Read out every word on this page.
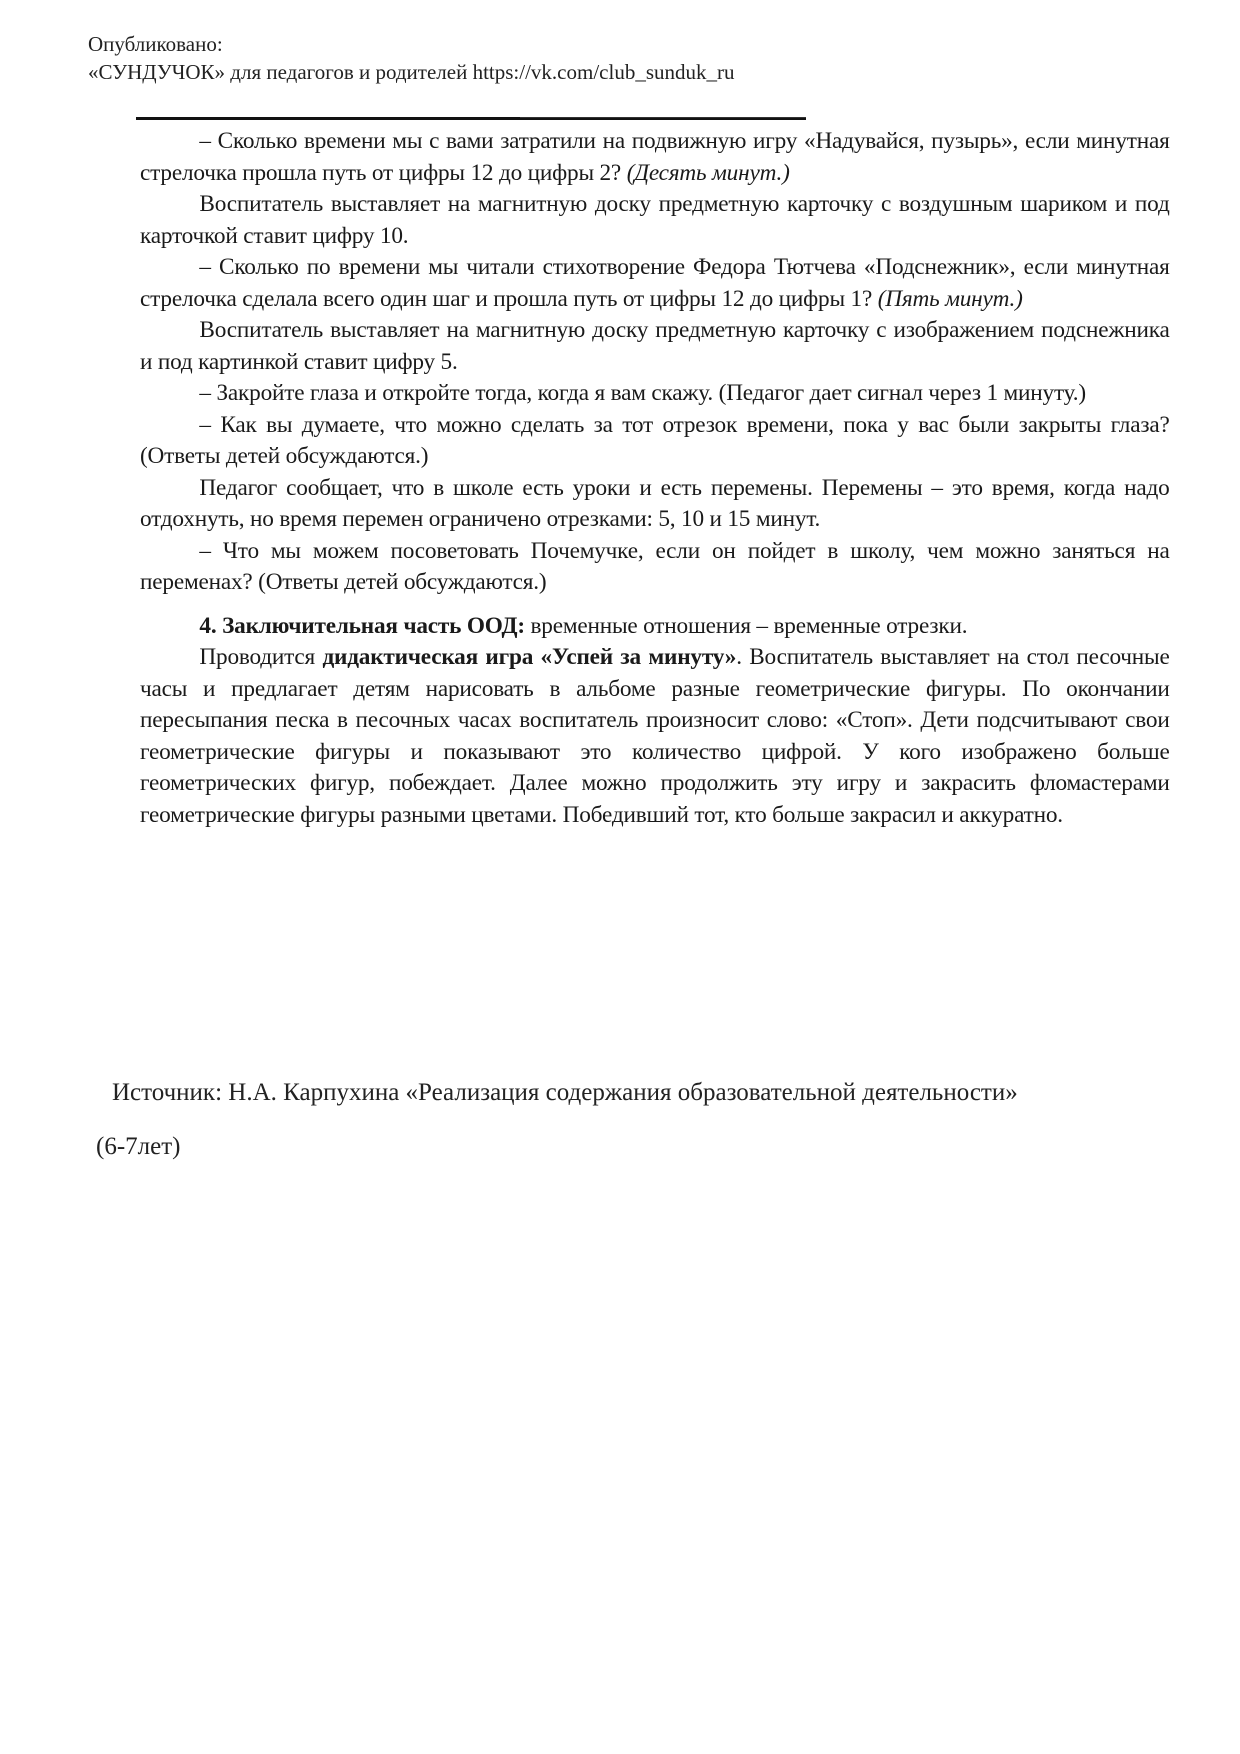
Опубликовано:
«СУНДУЧОК» для педагогов и родителей https://vk.com/club_sunduk_ru

– Сколько времени мы с вами затратили на подвижную игру «Надувайся, пузырь», если минутная стрелочка прошла путь от цифры 12 до цифры 2? (Десять минут.)

Воспитатель выставляет на магнитную доску предметную карточку с воздушным шариком и под карточкой ставит цифру 10.

– Сколько по времени мы читали стихотворение Федора Тютчева «Подснежник», если минутная стрелочка сделала всего один шаг и прошла путь от цифры 12 до цифры 1? (Пять минут.)

Воспитатель выставляет на магнитную доску предметную карточку с изображением подснежника и под картинкой ставит цифру 5.

– Закройте глаза и откройте тогда, когда я вам скажу. (Педагог дает сигнал через 1 минуту.)

– Как вы думаете, что можно сделать за тот отрезок времени, пока у вас были закрыты глаза? (Ответы детей обсуждаются.)

Педагог сообщает, что в школе есть уроки и есть перемены. Перемены – это время, когда надо отдохнуть, но время перемен ограничено отрезками: 5, 10 и 15 минут.

– Что мы можем посоветовать Почемучке, если он пойдет в школу, чем можно заняться на переменах? (Ответы детей обсуждаются.)

4. Заключительная часть ООД: временные отношения – временные отрезки.

Проводится дидактическая игра «Успей за минуту». Воспитатель выставляет на стол песочные часы и предлагает детям нарисовать в альбоме разные геометрические фигуры. По окончании пересыпания песка в песочных часах воспитатель произносит слово: «Стоп». Дети подсчитывают свои геометрические фигуры и показывают это количество цифрой. У кого изображено больше геометрических фигур, побеждает. Далее можно продолжить эту игру и закрасить фломастерами геометрические фигуры разными цветами. Победивший тот, кто больше закрасил и аккуратно.

Источник: Н.А. Карпухина «Реализация содержания образовательной деятельности»
(6-7лет)
